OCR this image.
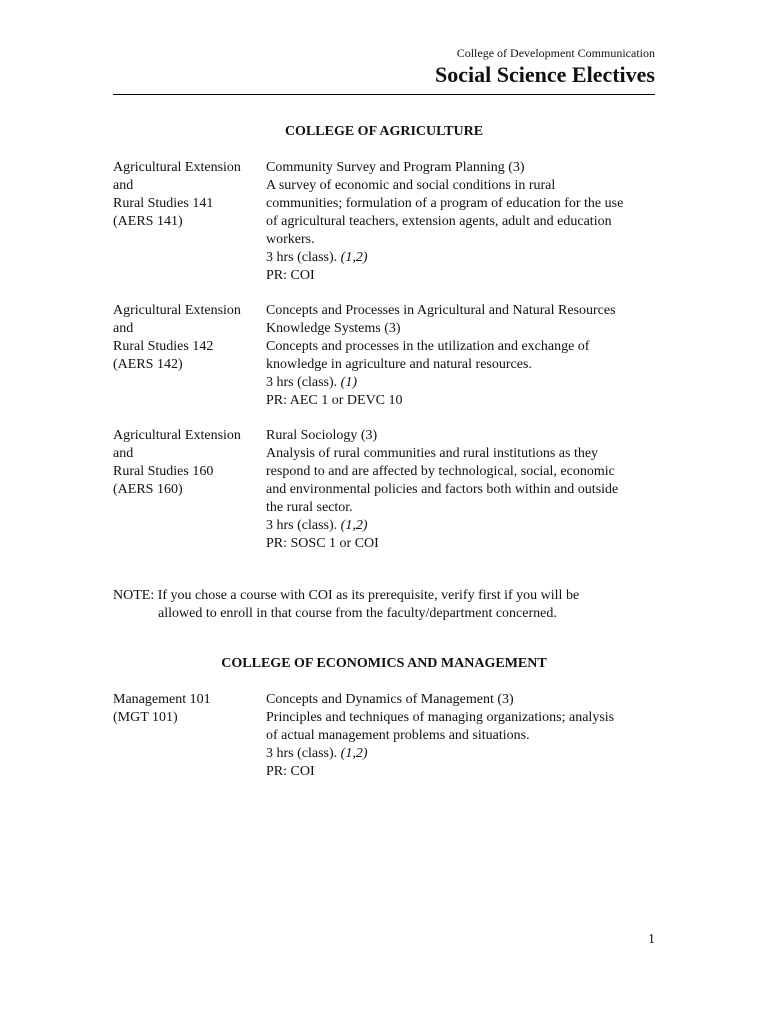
College of Development Communication
Social Science Electives
COLLEGE OF AGRICULTURE
Agricultural Extension
and
Rural Studies 141
(AERS 141)
Community Survey and Program Planning (3)
A survey of economic and social conditions in rural
communities; formulation of a program of education for the use
of agricultural teachers, extension agents, adult and education
workers.
3 hrs (class). (1,2)
PR: COI
Agricultural Extension
and
Rural Studies 142
(AERS 142)
Concepts and Processes in Agricultural and Natural Resources
Knowledge Systems (3)
Concepts and processes in the utilization and exchange of
knowledge in agriculture and natural resources.
3 hrs (class). (1)
PR: AEC 1 or DEVC 10
Agricultural Extension
and
Rural Studies 160
(AERS 160)
Rural Sociology (3)
Analysis of rural communities and rural institutions as they
respond to and are affected by technological, social, economic
and environmental policies and factors both within and outside
the rural sector.
3 hrs (class). (1,2)
PR: SOSC 1 or COI
NOTE: If you chose a course with COI as its prerequisite, verify first if you will be
allowed to enroll in that course from the faculty/department concerned.
COLLEGE OF ECONOMICS AND MANAGEMENT
Management 101
(MGT 101)
Concepts and Dynamics of Management (3)
Principles and techniques of managing organizations; analysis
of actual management problems and situations.
3 hrs (class). (1,2)
PR: COI
1
